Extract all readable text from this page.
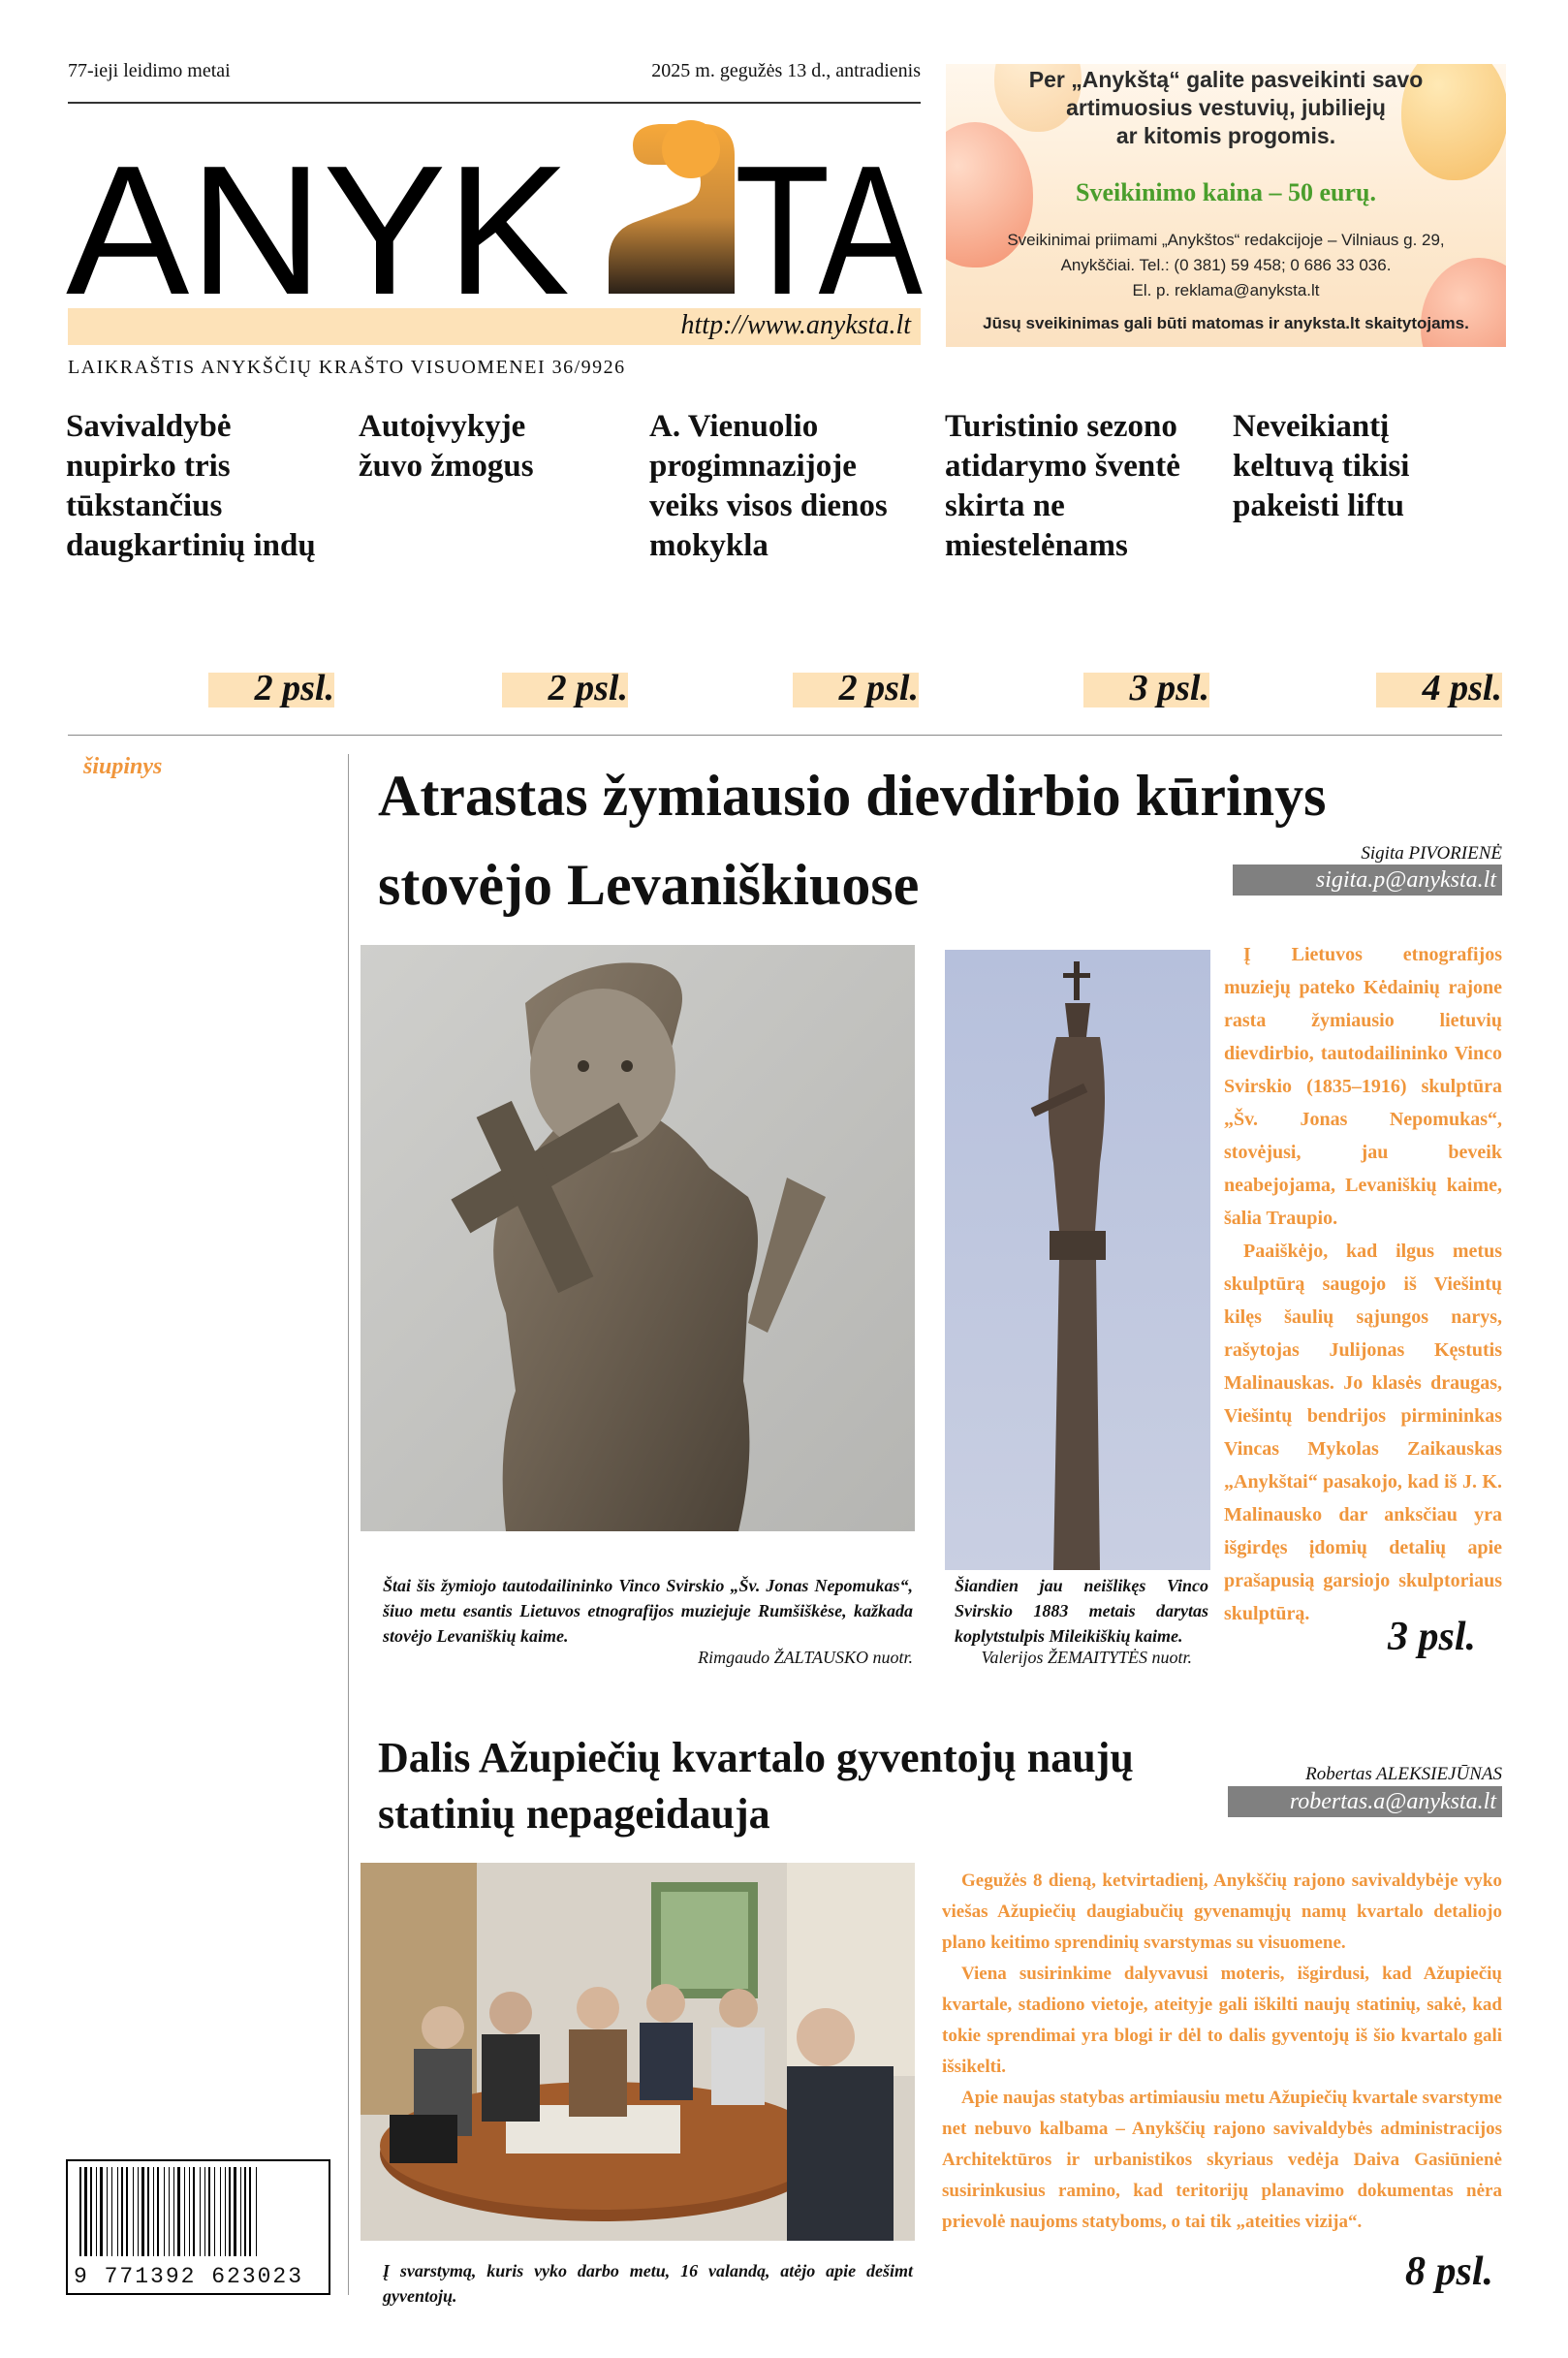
77-ieji leidimo metai	2025 m. gegužės 13 d., antradienis
ANYK TA
http://www.anyksta.lt
LAIKRAŠTIS ANYKŠČIŲ KRAŠTO VISUOMENEI 36/9926
Per „Anykštą“ galite pasveikinti savo
artimuosius vestuvių, jubiliejų
ar kitomis progomis.
Sveikinimo kaina – 50 eurų.
Sveikinimai priimami „Anykštos“ redakcijoje – Vilniaus g. 29,
Anykščiai. Tel.: (0 381) 59 458; 0 686 33 036.
El. p. reklama@anyksta.lt
Jūsų sveikinimas gali būti matomas ir anyksta.lt skaitytojams.
Savivaldybė nupirko tris tūkstančius daugkartinių indų
Autoįvykyje žuvo žmogus
A. Vienuolio progimnazijoje veiks visos dienos mokykla
Turistinio sezono atidarymo šventė skirta ne miestelėnams
Neveikiantį keltuvą tikisi pakeisti liftu
2 psl.	2 psl.	2 psl.	3 psl.	4 psl.
šiupinys	Atrastas žymiausio dievdirbio kūrinys
stovėjo Levaniškiuose	Sigita PIVORIENĖ
sigita.p@anyksta.lt
Štai šis žymiojo tautodailininko Vinco Svirskio „Šv. Jonas Nepomukas“, šiuo metu esantis Lietuvos etnografijos muziejuje Rumšiškėse, kažkada stovėjo Levaniškių kaime.
Rimgaudo ŽALTAUSKO nuotr.
Šiandien jau neišlikęs Vinco Svirskio 1883 metais darytas koplytstulpis Mileikiškių kaime.
Valerijos ŽEMAITYTĖS nuotr.

Į Lietuvos etnografijos muziejų pateko Kėdainių rajone rasta žymiausio lietuvių dievdirbio, tautodailininko Vinco Svirskio (1835–1916) skulptūra „Šv. Jonas Nepomukas“, stovėjusi, jau beveik neabejojama, Levaniškių kaime, šalia Traupio.

Paaiškėjo, kad ilgus metus skulptūrą saugojo iš Viešintų kilęs šaulių sąjungos narys, rašytojas Julijonas Kęstutis Malinauskas. Jo klasės draugas, Viešintų bendrijos pirmininkas Vincas Mykolas Zaikauskas „Anykštai“ pasakojo, kad iš J. K. Malinausko dar anksčiau yra išgirdęs įdomių detalių apie prašapusią garsiojo skulptoriaus skulptūrą.

3 psl.
Dalis Ažupiečių kvartalo gyventojų naujų
statinių nepageidauja
Robertas ALEKSIEJŪNAS
robertas.a@anyksta.lt
Į svarstymą, kuris vyko darbo metu, 16 valandą, atėjo apie dešimt gyventojų.

Gegužės 8 dieną, ketvirtadienį, Anykščių rajono savivaldybėje vyko viešas Ažupiečių daugiabučių gyvenamųjų namų kvartalo detaliojo plano keitimo sprendinių svarstymas su visuomene.

Viena susirinkime dalyvavusi moteris, išgirdusi, kad Ažupiečių kvartale, stadiono vietoje, ateityje gali iškilti naujų statinių, sakė, kad tokie sprendimai yra blogi ir dėl to dalis gyventojų iš šio kvartalo gali išsikelti.

Apie naujas statybas artimiausiu metu Ažupiečių kvartale svarstyme net nebuvo kalbama – Anykščių rajono savivaldybės administracijos Architektūros ir urbanistikos skyriaus vedėja Daiva Gasiūnienė susirinkusius ramino, kad teritorijų planavimo dokumentas nėra prievolė naujoms statyboms, o tai tik „ateities vizija“.

8 psl.
9 771392 623023
